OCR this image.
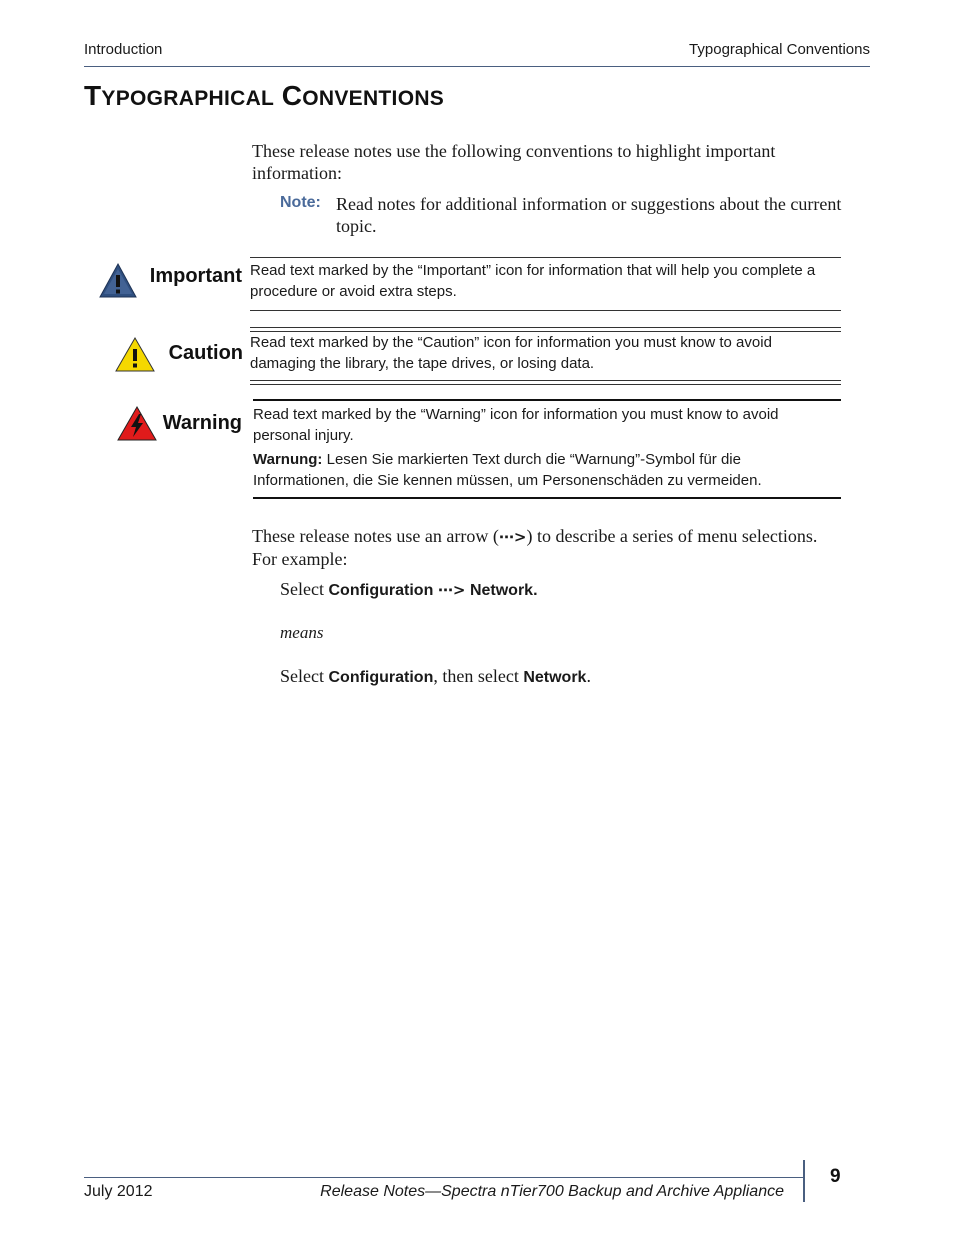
Introduction	Typographical Conventions
TYPOGRAPHICAL CONVENTIONS
These release notes use the following conventions to highlight important information:
Note: Read notes for additional information or suggestions about the current topic.
Important Read text marked by the “Important” icon for information that will help you complete a procedure or avoid extra steps.
Caution Read text marked by the “Caution” icon for information you must know to avoid damaging the library, the tape drives, or losing data.
Warning Read text marked by the “Warning” icon for information you must know to avoid personal injury.
Warnung: Lesen Sie markierten Text durch die “Warnung”-Symbol für die Informationen, die Sie kennen müssen, um Personenschäden zu vermeiden.
These release notes use an arrow (⋯>) to describe a series of menu selections. For example:
Select Configuration ⋯> Network.
means
Select Configuration, then select Network.
July 2012	Release Notes—Spectra nTier700 Backup and Archive Appliance
9
